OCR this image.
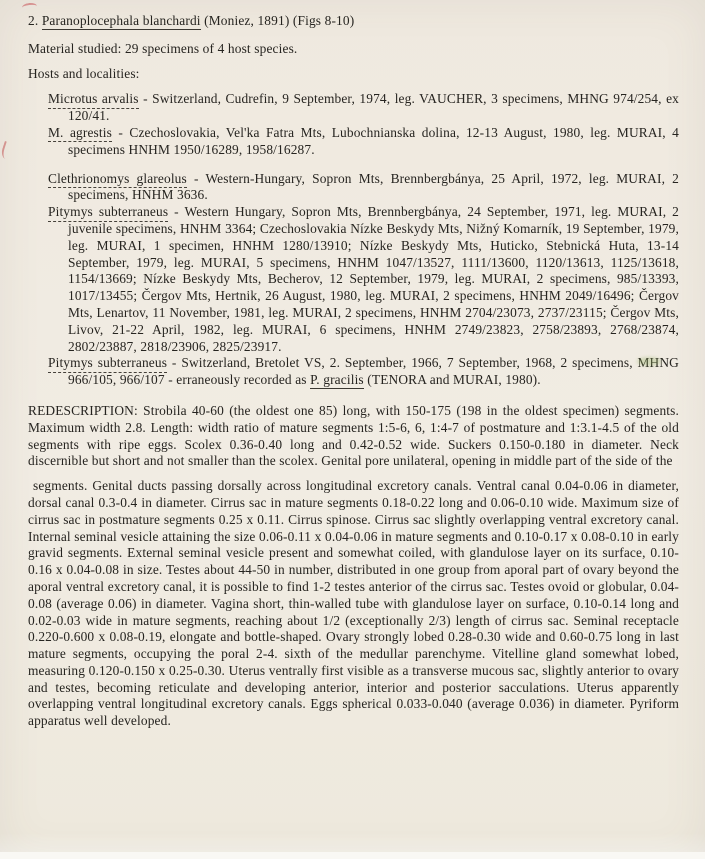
2. Paranoplocephala blanchardi (Moniez, 1891) (Figs 8-10)

Material studied: 29 specimens of 4 host species.

Hosts and localities:

Microtus arvalis - Switzerland, Cudrefin, 9 September, 1974, leg. VAUCHER, 3 specimens, MHNG 974/254, ex 120/41.

M. agrestis - Czechoslovakia, Vel'ka Fatra Mts, Lubochnianska dolina, 12-13 August, 1980, leg. MURAI, 4 specimens HNHM 1950/16289, 1958/16287.

Clethrionomys glareolus - Western-Hungary, Sopron Mts, Brennbergbánya, 25 April, 1972, leg. MURAI, 2 specimens, HNHM 3636.

Pitymys subterraneus - Western Hungary, Sopron Mts, Brennbergbánya, 24 September, 1971, leg. MURAI, 2 juvenile specimens, HNHM 3364; Czechoslovakia Nízke Beskydy Mts, Nižný Komarník, 19 September, 1979, leg. MURAI, 1 specimen, HNHM 1280/13910; Nízke Beskydy Mts, Huticko, Stebnická Huta, 13-14 September, 1979, leg. MURAI, 5 specimens, HNHM 1047/13527, 1111/13600, 1120/13613, 1125/13618, 1154/13669; Nízke Beskydy Mts, Becherov, 12 September, 1979, leg. MURAI, 2 specimens, 985/13393, 1017/13455; Čergov Mts, Hertnik, 26 August, 1980, leg. MURAI, 2 specimens, HNHM 2049/16496; Čergov Mts, Lenartov, 11 November, 1981, leg. MURAI, 2 specimens, HNHM 2704/23073, 2737/23115; Čergov Mts, Livov, 21-22 April, 1982, leg. MURAI, 6 specimens, HNHM 2749/23823, 2758/23893, 2768/23874, 2802/23887, 2818/23906, 2825/23917.

Pitymys subterraneus - Switzerland, Bretolet VS, 2. September, 1966, 7 September, 1968, 2 specimens, MHNG 966/105, 966/107 - erraneously recorded as P. gracilis (TENORA and MURAI, 1980).

REDESCRIPTION: Strobila 40-60 (the oldest one 85) long, with 150-175 (198 in the oldest specimen) segments. Maximum width 2.8. Length: width ratio of mature segments 1:5-6, 6, 1:4-7 of postmature and 1:3.1-4.5 of the old segments with ripe eggs. Scolex 0.36-0.40 long and 0.42-0.52 wide. Suckers 0.150-0.180 in diameter. Neck discernible but short and not smaller than the scolex. Genital pore unilateral, opening in middle part of the side of the

segments. Genital ducts passing dorsally across longitudinal excretory canals. Ventral canal 0.04-0.06 in diameter, dorsal canal 0.3-0.4 in diameter. Cirrus sac in mature segments 0.18-0.22 long and 0.06-0.10 wide. Maximum size of cirrus sac in postmature segments 0.25 x 0.11. Cirrus spinose. Cirrus sac slightly overlapping ventral excretory canal. Internal seminal vesicle attaining the size 0.06-0.11 x 0.04-0.06 in mature segments and 0.10-0.17 x 0.08-0.10 in early gravid segments. External seminal vesicle present and somewhat coiled, with glandulose layer on its surface, 0.10-0.16 x 0.04-0.08 in size. Testes about 44-50 in number, distributed in one group from aporal part of ovary beyond the aporal ventral excretory canal, it is possible to find 1-2 testes anterior of the cirrus sac. Testes ovoid or globular, 0.04-0.08 (average 0.06) in diameter. Vagina short, thin-walled tube with glandulose layer on surface, 0.10-0.14 long and 0.02-0.03 wide in mature segments, reaching about 1/2 (exceptionally 2/3) length of cirrus sac. Seminal receptacle 0.220-0.600 x 0.08-0.19, elongate and bottle-shaped. Ovary strongly lobed 0.28-0.30 wide and 0.60-0.75 long in last mature segments, occupying the poral 2-4. sixth of the medullar parenchyme. Vitelline gland somewhat lobed, measuring 0.120-0.150 x 0.25-0.30. Uterus ventrally first visible as a transverse mucous sac, slightly anterior to ovary and testes, becoming reticulate and developing anterior, interior and posterior sacculations. Uterus apparently overlapping ventral longitudinal excretory canals. Eggs spherical 0.033-0.040 (average 0.036) in diameter. Pyriform apparatus well developed.
